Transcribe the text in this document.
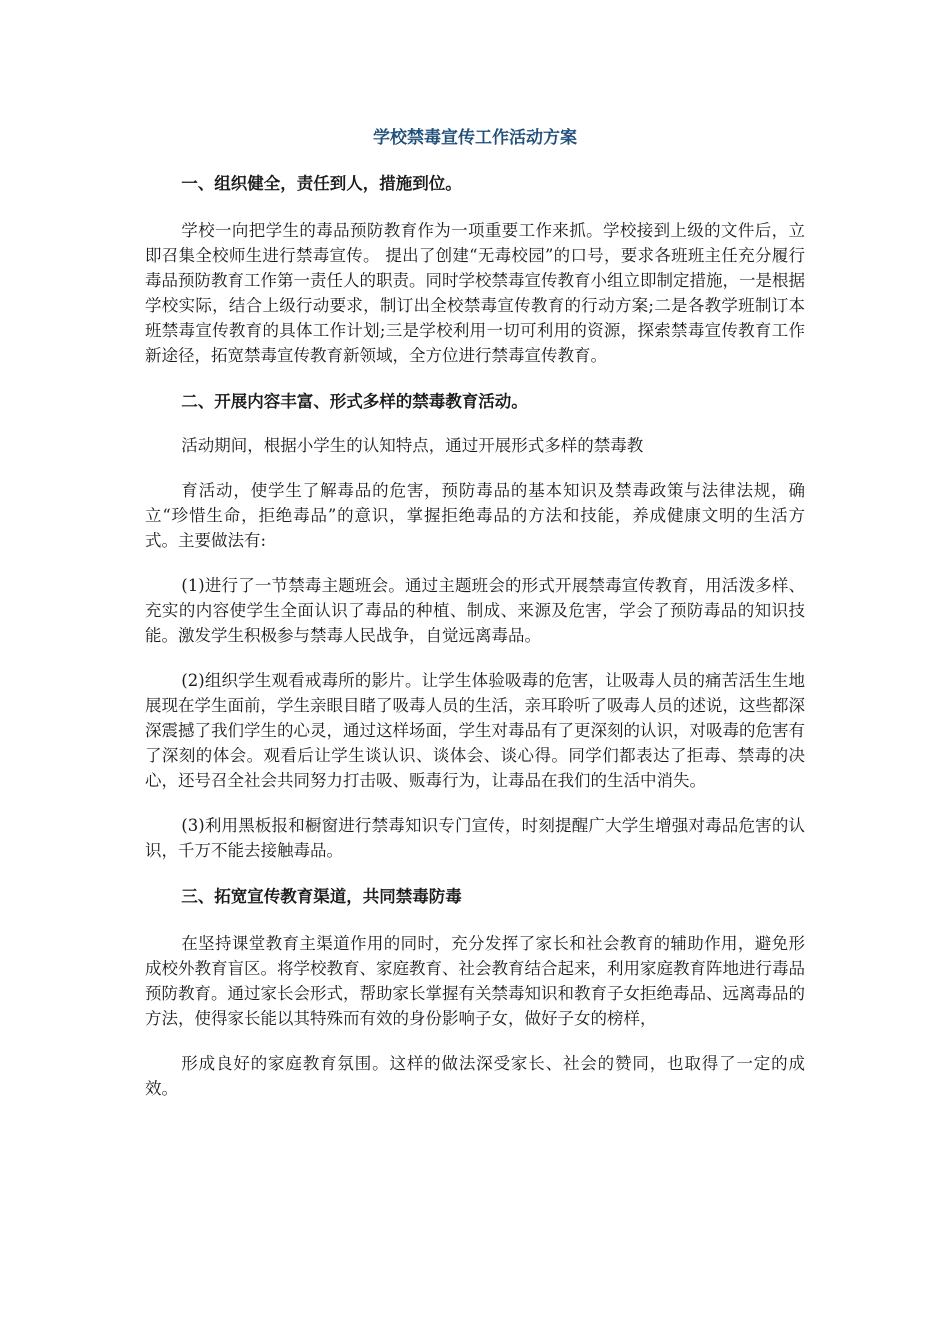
学校禁毒宣传工作活动方案
一、组织健全，责任到人，措施到位。
学校一向把学生的毒品预防教育作为一项重要工作来抓。学校接到上级的文件后，立即召集全校师生进行禁毒宣传。 提出了创建“无毒校园”的口号，要求各班班主任充分履行毒品预防教育工作第一责任人的职责。同时学校禁毒宣传教育小组立即制定措施，一是根据学校实际，结合上级行动要求，制订出全校禁毒宣传教育的行动方案;二是各教学班制订本班禁毒宣传教育的具体工作计划;三是学校利用一切可利用的资源，探索禁毒宣传教育工作新途径，拓宽禁毒宣传教育新领域，全方位进行禁毒宣传教育。
二、开展内容丰富、形式多样的禁毒教育活动。
活动期间，根据小学生的认知特点，通过开展形式多样的禁毒教
育活动，使学生了解毒品的危害，预防毒品的基本知识及禁毒政策与法律法规，确立“珍惜生命，拒绝毒品”的意识，掌握拒绝毒品的方法和技能，养成健康文明的生活方式。主要做法有:
(1)进行了一节禁毒主题班会。通过主题班会的形式开展禁毒宣传教育，用活泼多样、充实的内容使学生全面认识了毒品的种植、制成、来源及危害，学会了预防毒品的知识技能。激发学生积极参与禁毒人民战争，自觉远离毒品。
(2)组织学生观看戒毒所的影片。让学生体验吸毒的危害，让吸毒人员的痛苦活生生地展现在学生面前，学生亲眼目睹了吸毒人员的生活，亲耳聆听了吸毒人员的述说，这些都深深震撼了我们学生的心灵，通过这样场面，学生对毒品有了更深刻的认识，对吸毒的危害有了深刻的体会。观看后让学生谈认识、谈体会、谈心得。同学们都表达了拒毒、禁毒的决心，还号召全社会共同努力打击吸、贩毒行为，让毒品在我们的生活中消失。
(3)利用黑板报和橱窗进行禁毒知识专门宣传，时刻提醒广大学生增强对毒品危害的认识，千万不能去接触毒品。
三、拓宽宣传教育渠道，共同禁毒防毒
在坚持课堂教育主渠道作用的同时，充分发挥了家长和社会教育的辅助作用，避免形成校外教育盲区。将学校教育、家庭教育、社会教育结合起来，利用家庭教育阵地进行毒品预防教育。通过家长会形式，帮助家长掌握有关禁毒知识和教育子女拒绝毒品、远离毒品的方法，使得家长能以其特殊而有效的身份影响子女，做好子女的榜样，
形成良好的家庭教育氛围。这样的做法深受家长、社会的赞同，也取得了一定的成效。
